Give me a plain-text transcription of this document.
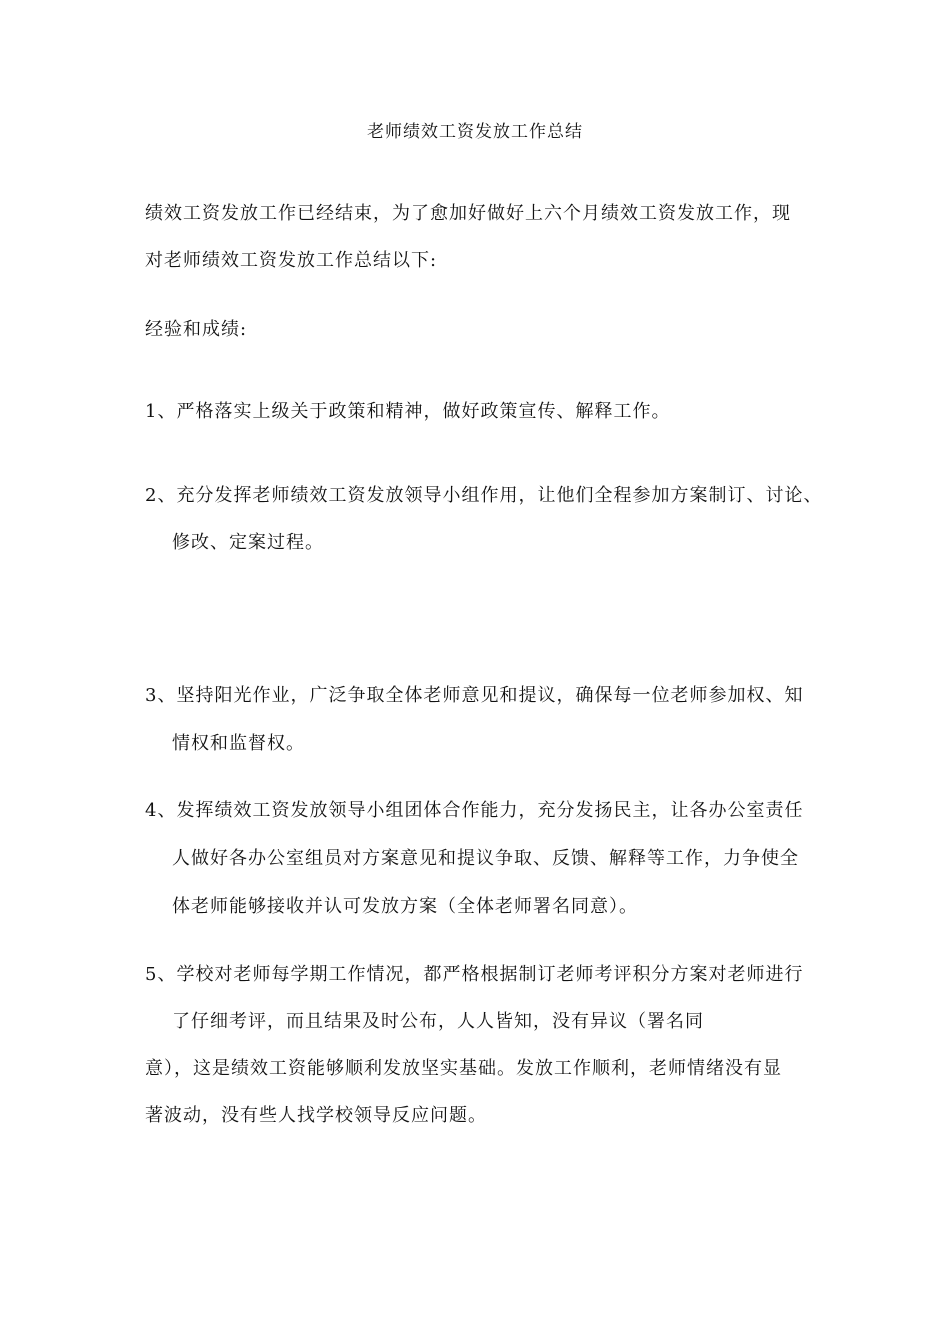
老师绩效工资发放工作总结
绩效工资发放工作已经结束，为了愈加好做好上六个月绩效工资发放工作，现
对老师绩效工资发放工作总结以下:
经验和成绩:
1、严格落实上级关于政策和精神，做好政策宣传、解释工作。
2、充分发挥老师绩效工资发放领导小组作用，让他们全程参加方案制订、讨论、
修改、定案过程。
3、坚持阳光作业，广泛争取全体老师意见和提议，确保每一位老师参加权、知
情权和监督权。
4、发挥绩效工资发放领导小组团体合作能力，充分发扬民主，让各办公室责任
人做好各办公室组员对方案意见和提议争取、反馈、解释等工作，力争使全
体老师能够接收并认可发放方案（全体老师署名同意）。
5、学校对老师每学期工作情况，都严格根据制订老师考评积分方案对老师进行
了仔细考评，而且结果及时公布，人人皆知，没有异议（署名同
意），这是绩效工资能够顺利发放坚实基础。发放工作顺利，老师情绪没有显
著波动，没有些人找学校领导反应问题。
